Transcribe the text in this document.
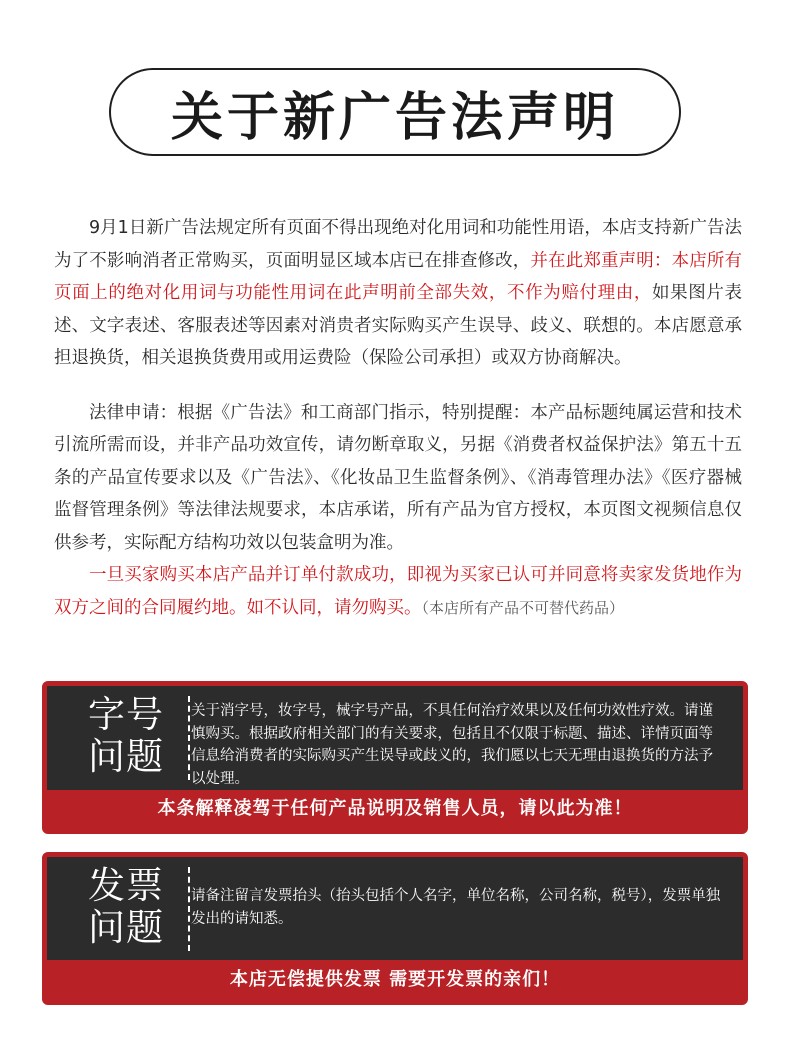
关于新广告法声明

9月1日新广告法规定所有页面不得出现绝对化用词和功能性用语，本店支持新广告法为了不影响消者正常购买，页面明显区域本店已在排查修改，并在此郑重声明：本店所有页面上的绝对化用词与功能性用词在此声明前全部失效，不作为赔付理由，如果图片表述、文字表述、客服表述等因素对消贵者实际购买产生误导、歧义、联想的。本店愿意承担退换货，相关退换货费用或用运费险（保险公司承担）或双方协商解决。

法律申请：根据《广告法》和工商部门指示，特别提醒：本产品标题纯属运营和技术引流所需而设，并非产品功效宣传，请勿断章取义，另据《消费者权益保护法》第五十五条的产品宣传要求以及《广告法》、《化妆品卫生监督条例》、《消毒管理办法》《医疗器械监督管理条例》等法律法规要求，本店承诺，所有产品为官方授权，本页图文视频信息仅供参考，实际配方结构功效以包装盒明为准。
一旦买家购买本店产品并订单付款成功，即视为买家已认可并同意将卖家发货地作为双方之间的合同履约地。如不认同，请勿购买。（本店所有产品不可替代药品）

字号
问题
关于消字号，妆字号，械字号产品，不具任何治疗效果以及任何功效性疗效。请谨慎购买。根据政府相关部门的有关要求，包括且不仅限于标题、描述、详情页面等信息给消费者的实际购买产生误导或歧义的，我们愿以七天无理由退换货的方法予以处理。
本条解释凌驾于任何产品说明及销售人员，请以此为准！
发票
问题
请备注留言发票抬头（抬头包括个人名字，单位名称，公司名称，税号），发票单独发出的请知悉。
本店无偿提供发票 需要开发票的亲们！
